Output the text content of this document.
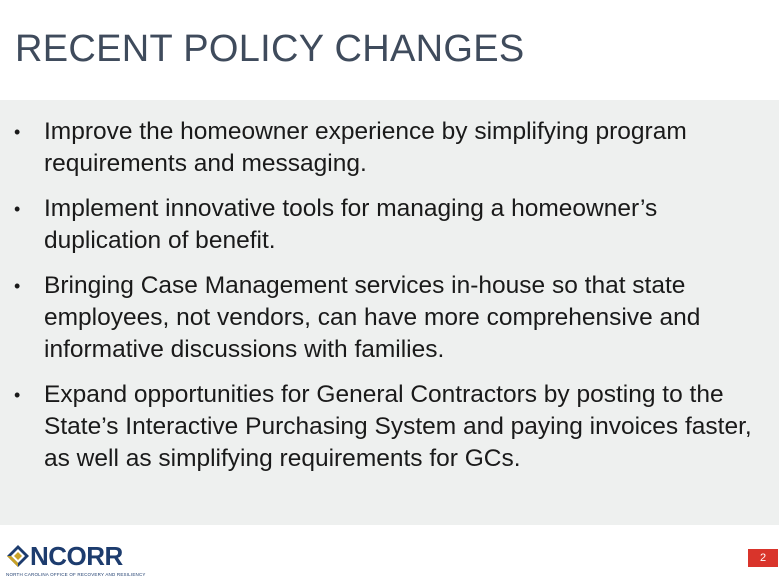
RECENT POLICY CHANGES
• Improve the homeowner experience by simplifying program requirements and messaging.
• Implement innovative tools for managing a homeowner’s duplication of benefit.
• Bringing Case Management services in-house so that state employees, not vendors, can have more comprehensive and informative discussions with families.
• Expand opportunities for General Contractors by posting to the State’s Interactive Purchasing System and paying invoices faster, as well as simplifying requirements for GCs.
NCORR
NORTH CAROLINA OFFICE OF RECOVERY AND RESILIENCY
2
